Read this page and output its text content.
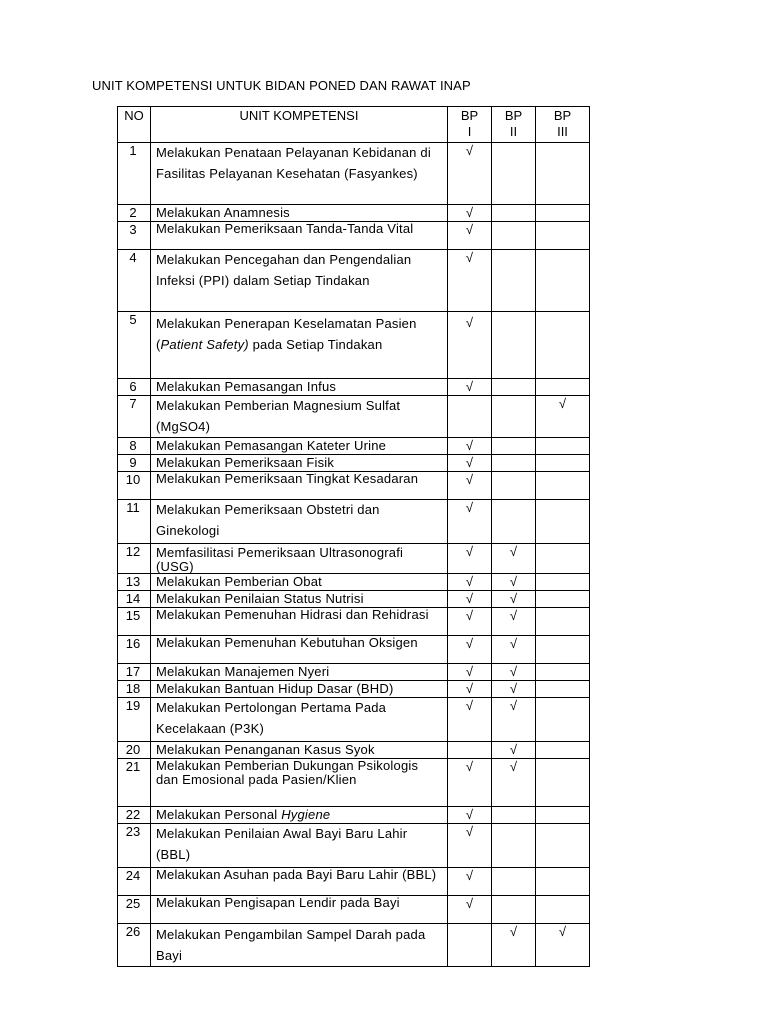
UNIT KOMPETENSI UNTUK BIDAN PONED DAN RAWAT INAP
NO	UNIT KOMPETENSI	BP I	BP II	BP III
1	Melakukan Penataan Pelayanan Kebidanan di Fasilitas Pelayanan Kesehatan (Fasyankes)	√		
2	Melakukan Anamnesis	√		
3	Melakukan Pemeriksaan Tanda-Tanda Vital	√		
4	Melakukan Pencegahan dan Pengendalian Infeksi (PPI) dalam Setiap Tindakan	√		
5	Melakukan Penerapan Keselamatan Pasien (Patient Safety) pada Setiap Tindakan	√		
6	Melakukan Pemasangan Infus	√		
7	Melakukan Pemberian Magnesium Sulfat (MgSO4)			√
8	Melakukan Pemasangan Kateter Urine	√		
9	Melakukan Pemeriksaan Fisik	√		
10	Melakukan Pemeriksaan Tingkat Kesadaran	√		
11	Melakukan Pemeriksaan Obstetri dan Ginekologi	√		
12	Memfasilitasi Pemeriksaan Ultrasonografi (USG)	√	√	
13	Melakukan Pemberian Obat	√	√	
14	Melakukan Penilaian Status Nutrisi	√	√	
15	Melakukan Pemenuhan Hidrasi dan Rehidrasi	√	√	
16	Melakukan Pemenuhan Kebutuhan Oksigen	√	√	
17	Melakukan Manajemen Nyeri	√	√	
18	Melakukan Bantuan Hidup Dasar (BHD)	√	√	
19	Melakukan Pertolongan Pertama Pada Kecelakaan (P3K)	√	√	
20	Melakukan Penanganan Kasus Syok		√	
21	Melakukan Pemberian Dukungan Psikologis dan Emosional pada Pasien/Klien	√	√	
22	Melakukan Personal Hygiene	√		
23	Melakukan Penilaian Awal Bayi Baru Lahir (BBL)	√		
24	Melakukan Asuhan pada Bayi Baru Lahir (BBL)	√		
25	Melakukan Pengisapan Lendir pada Bayi	√		
26	Melakukan Pengambilan Sampel Darah pada Bayi		√	√
